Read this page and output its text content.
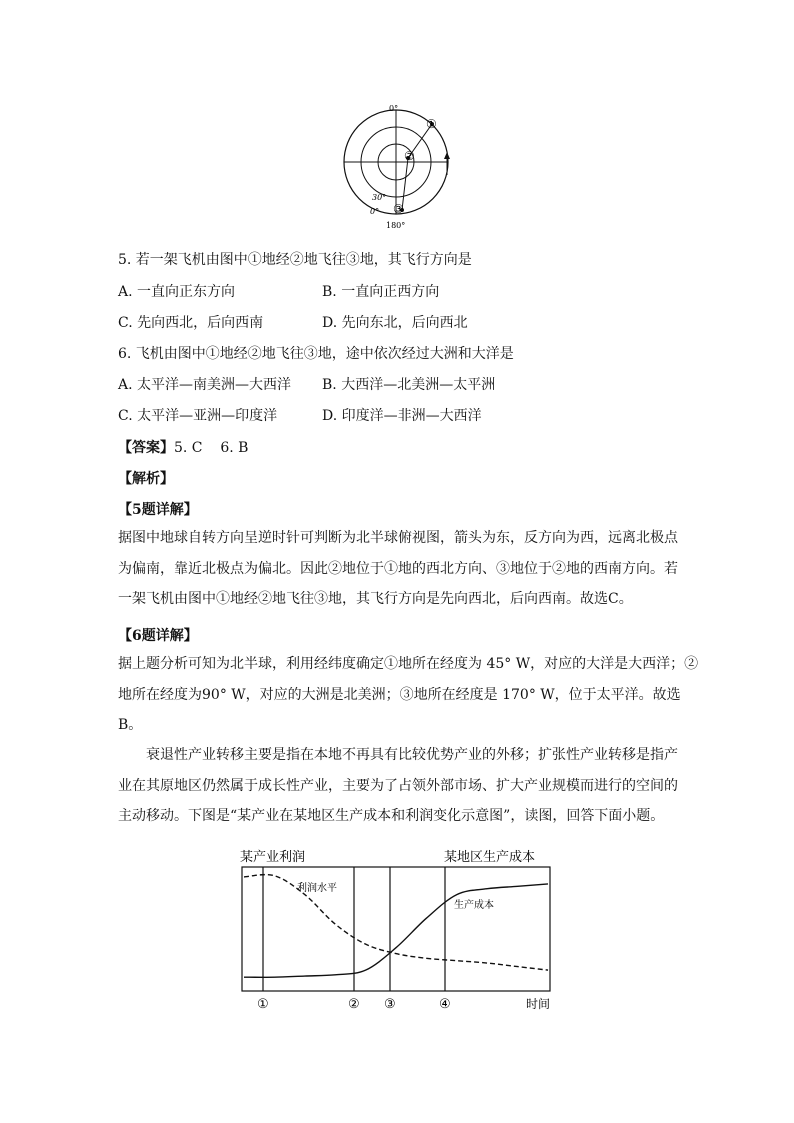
0°
180°
30°
0°
①
②
③
5. 若一架飞机由图中①地经②地飞往③地，其飞行方向是
A. 一直向正东方向	B. 一直向正西方向
C. 先向西北，后向西南	D. 先向东北，后向西北
6. 飞机由图中①地经②地飞往③地，途中依次经过大洲和大洋是
A. 太平洋—南美洲—大西洋 B. 大西洋—北美洲—太平洲
C. 太平洋—亚洲—印度洋	D. 印度洋—非洲—大西洋
【答案】5. C    6. B
【解析】
【5题详解】
据图中地球自转方向呈逆时针可判断为北半球俯视图，箭头为东，反方向为西，远离北极点
为偏南，靠近北极点为偏北。因此②地位于①地的西北方向、③地位于②地的西南方向。若
一架飞机由图中①地经②地飞往③地，其飞行方向是先向西北，后向西南。故选C。
【6题详解】
据上题分析可知为北半球，利用经纬度确定①地所在经度为 45° W，对应的大洋是大西洋；②
地所在经度为90° W，对应的大洲是北美洲；③地所在经度是 170° W，位于太平洋。故选
B。
衰退性产业转移主要是指在本地不再具有比较优势产业的外移；扩张性产业转移是指产
业在其原地区仍然属于成长性产业，主要为了占领外部市场、扩大产业规模而进行的空间的
主动移动。下图是“某产业在某地区生产成本和利润变化示意图”，读图，回答下面小题。
某产业利润	某地区生产成本
利润水平
生产成本
①	② ③	④	时间
